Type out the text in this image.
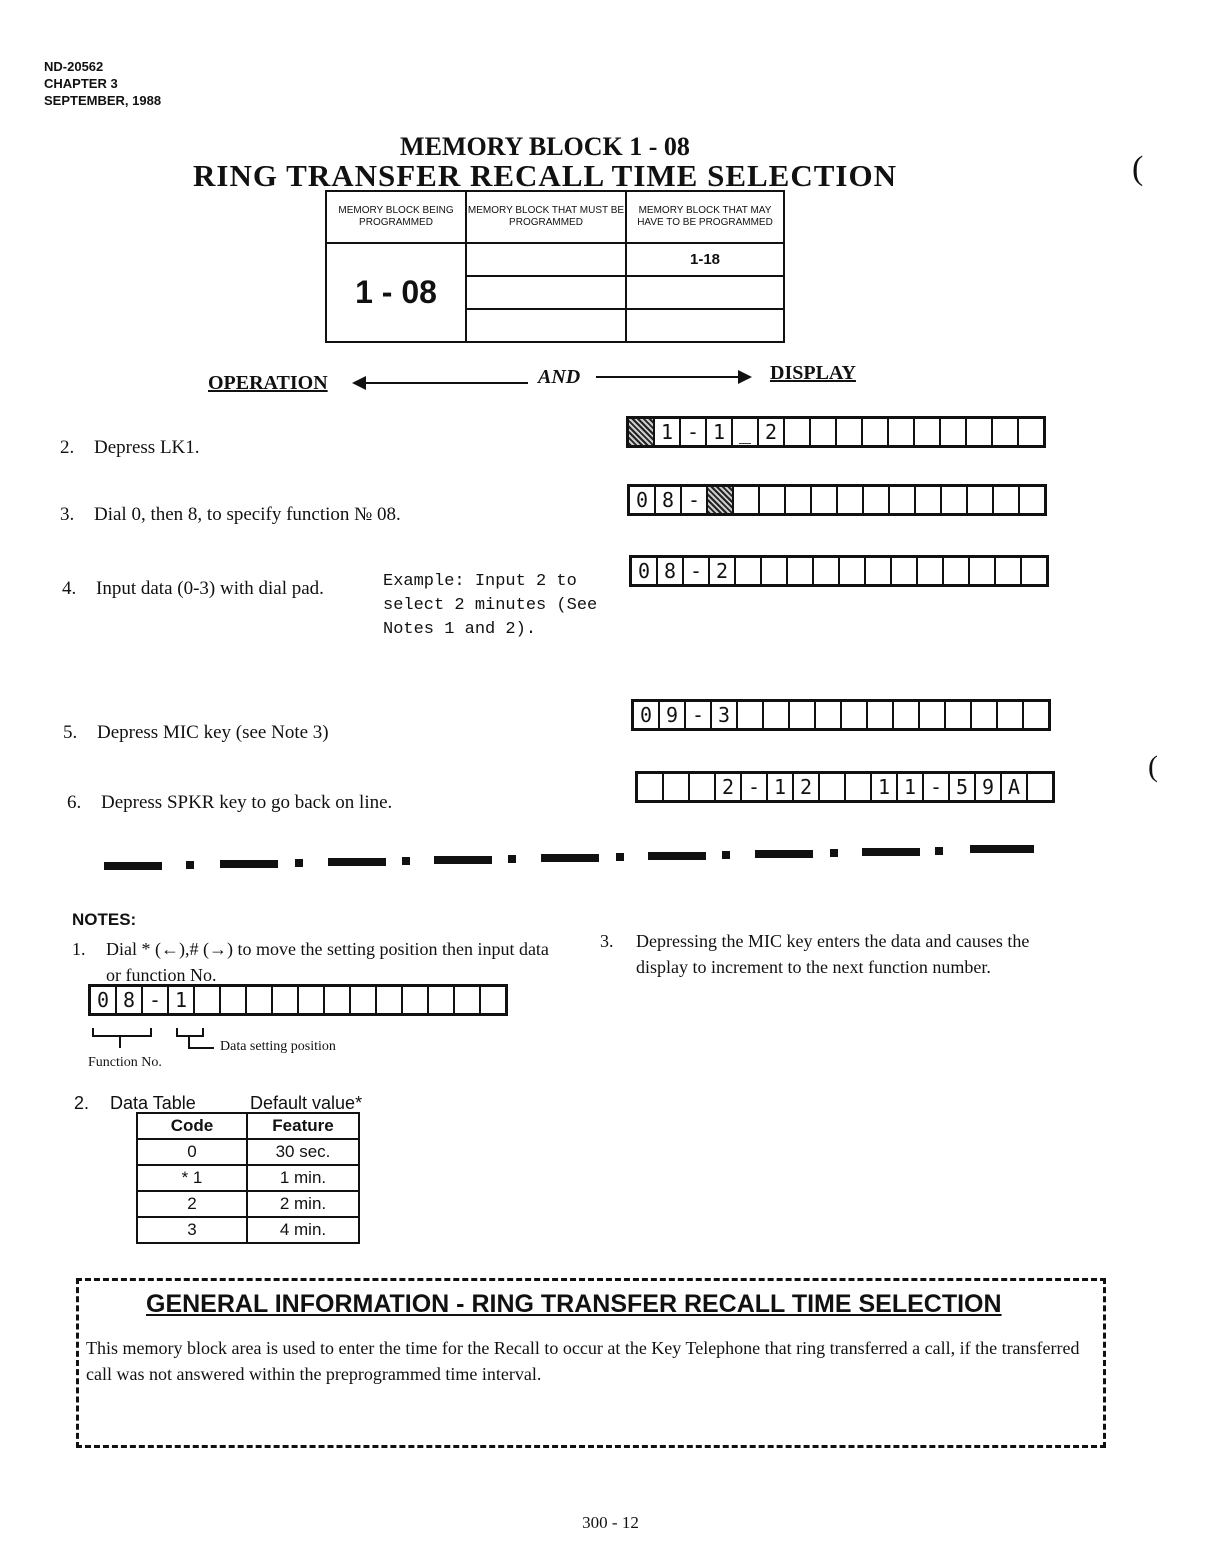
ND-20562
CHAPTER 3
SEPTEMBER, 1988
MEMORY BLOCK 1 - 08
RING TRANSFER RECALL TIME SELECTION	(
(
MEMORY BLOCK BEING PROGRAMMED	MEMORY BLOCK THAT MUST BE PROGRAMMED	MEMORY BLOCK THAT MAY HAVE TO BE PROGRAMMED
1 - 08		1-18

OPERATION	AND	DISPLAY
2. Depress LK1.
3. Dial 0, then 8, to specify function № 08.
4. Input data (0-3) with dial pad.	Example: Input 2 to select 2 minutes (See Notes 1 and 2).
5. Depress MIC key (see Note 3)
6. Depress SPKR key to go back on line.
1 - 1 _ 2
0 8 -
0 8 - 2
0 9 - 3
2 - 1 2	1 1 - 5 9 A
NOTES:
1. Dial * (←),# (→) to move the setting position then input data or function No.
0 8 - 1
Function No.
Data setting position
3. Depressing the MIC key enters the data and causes the display to increment to the next function number.
2. Data Table	Default value*
Code	Feature
0	30 sec.
* 1	1 min.
2	2 min.
3	4 min.
GENERAL INFORMATION - RING TRANSFER RECALL TIME SELECTION
This memory block area is used to enter the time for the Recall to occur at the Key Telephone that ring transferred a call, if the transferred call was not answered within the preprogrammed time interval.
300 - 12
